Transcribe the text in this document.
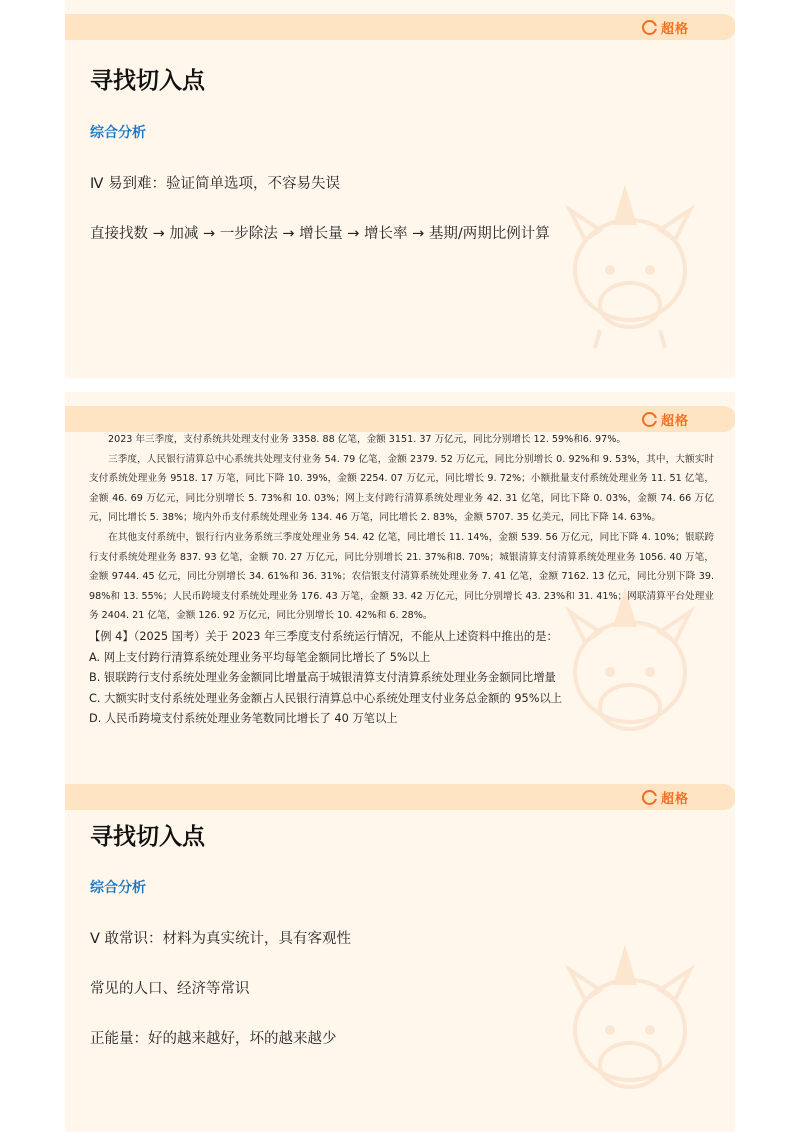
超格
寻找切入点
综合分析
Ⅳ 易到难：验证简单选项，不容易失误
直接找数 → 加减 → 一步除法 → 增长量 → 增长率 → 基期/两期比例计算
超格

2023 年三季度，支付系统共处理支付业务 3358. 88 亿笔，金额 3151. 37 万亿元，同比分别增长 12. 59%和6. 97%。

三季度，人民银行清算总中心系统共处理支付业务 54. 79 亿笔，金额 2379. 52 万亿元，同比分别增长 0. 92%和 9. 53%，其中，大额实时支付系统处理业务 9518. 17 万笔，同比下降 10. 39%，金额 2254. 07 万亿元，同比增长 9. 72%；小额批量支付系统处理业务 11. 51 亿笔，金额 46. 69 万亿元，同比分别增长 5. 73%和 10. 03%；网上支付跨行清算系统处理业务 42. 31 亿笔，同比下降 0. 03%，金额 74. 66 万亿元，同比增长 5. 38%；境内外币支付系统处理业务 134. 46 万笔，同比增长 2. 83%，金额 5707. 35 亿美元，同比下降 14. 63%。

在其他支付系统中，银行行内业务系统三季度处理业务 54. 42 亿笔，同比增长 11. 14%，金额 539. 56 万亿元，同比下降 4. 10%；银联跨行支付系统处理业务 837. 93 亿笔，金额 70. 27 万亿元，同比分别增长 21. 37%和8. 70%；城银清算支付清算系统处理业务 1056. 40 万笔，金额 9744. 45 亿元，同比分别增长 34. 61%和 36. 31%；农信银支付清算系统处理业务 7. 41 亿笔，金额 7162. 13 亿元，同比分别下降 39. 98%和 13. 55%；人民币跨境支付系统处理业务 176. 43 万笔，金额 33. 42 万亿元，同比分别增长 43. 23%和 31. 41%；网联清算平台处理业务 2404. 21 亿笔，金额 126. 92 万亿元，同比分别增长 10. 42%和 6. 28%。

【例 4】（2025 国考）关于 2023 年三季度支付系统运行情况，不能从上述资料中推出的是：
A. 网上支付跨行清算系统处理业务平均每笔金额同比增长了 5%以上
B. 银联跨行支付系统处理业务金额同比增量高于城银清算支付清算系统处理业务金额同比增量
C. 大额实时支付系统处理业务金额占人民银行清算总中心系统处理支付业务总金额的 95%以上
D. 人民币跨境支付系统处理业务笔数同比增长了 40 万笔以上
超格
寻找切入点
综合分析
Ⅴ 敢常识：材料为真实统计，具有客观性
常见的人口、经济等常识
正能量：好的越来越好，坏的越来越少
